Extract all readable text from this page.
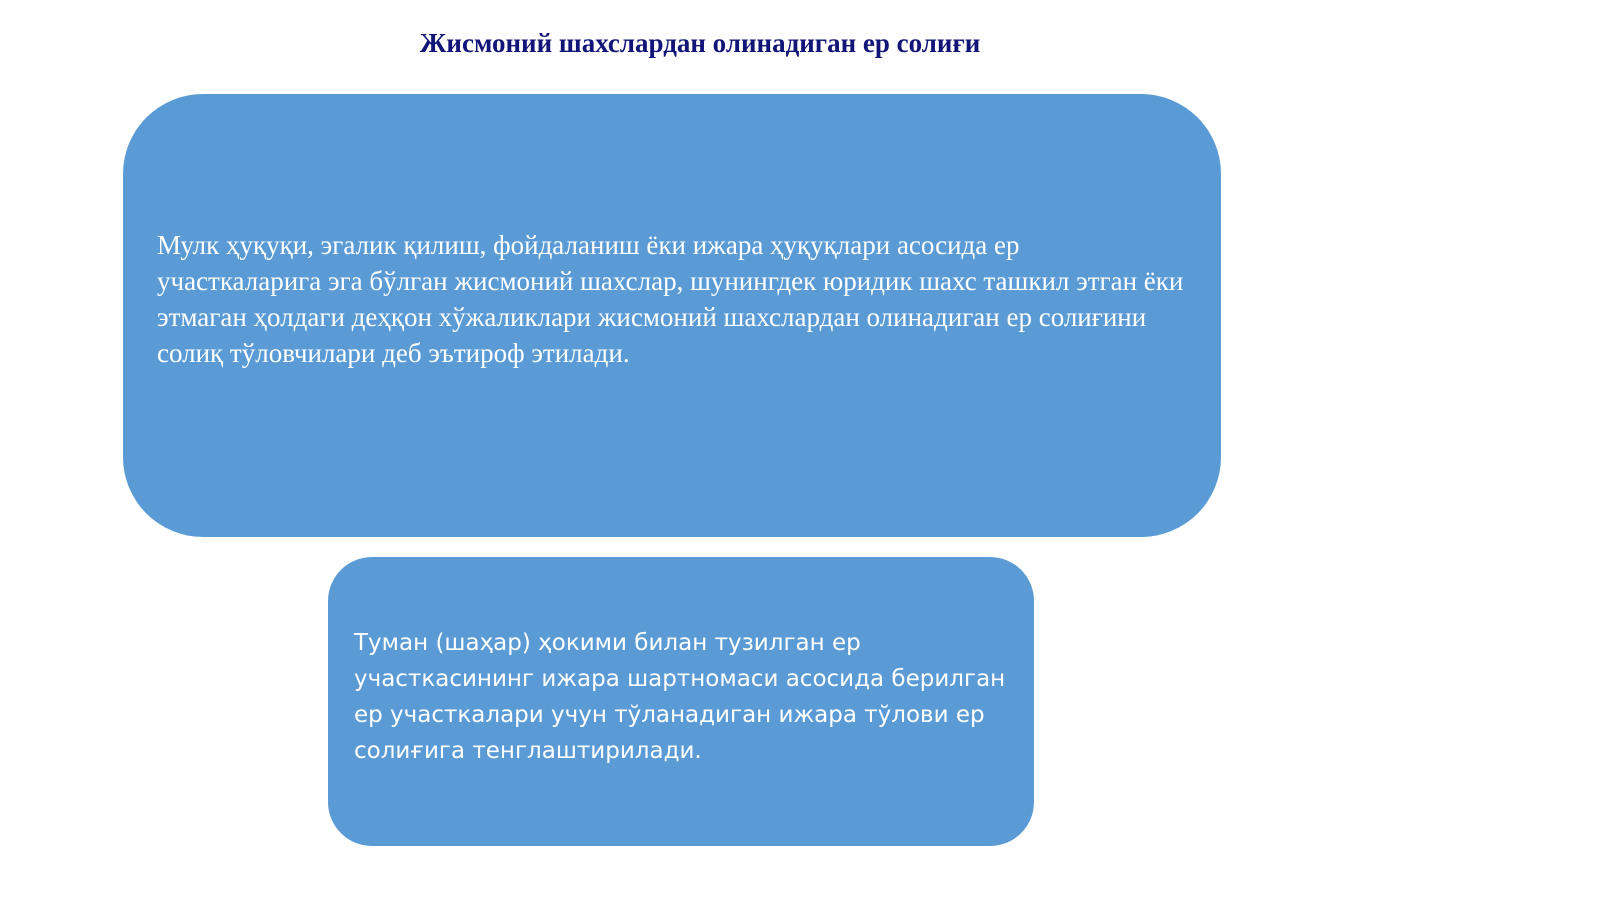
Жисмоний шахслардан олинадиган ер солиғи

Мулк ҳуқуқи, эгалик қилиш, фойдаланиш ёки ижара ҳуқуқлари асосида ер участкаларига эга бўлган жисмоний шахслар, шунингдек юридик шахс ташкил этган ёки этмаган ҳолдаги деҳқон хўжаликлари жисмоний шахслардан олинадиган ер солиғини солиқ тўловчилари деб эътироф этилади.

Туман (шаҳар) ҳокими билан тузилган ер участкасининг ижара шартномаси асосида берилган ер участкалари учун тўланадиган ижара тўлови ер солиғига тенглаштирилади.
